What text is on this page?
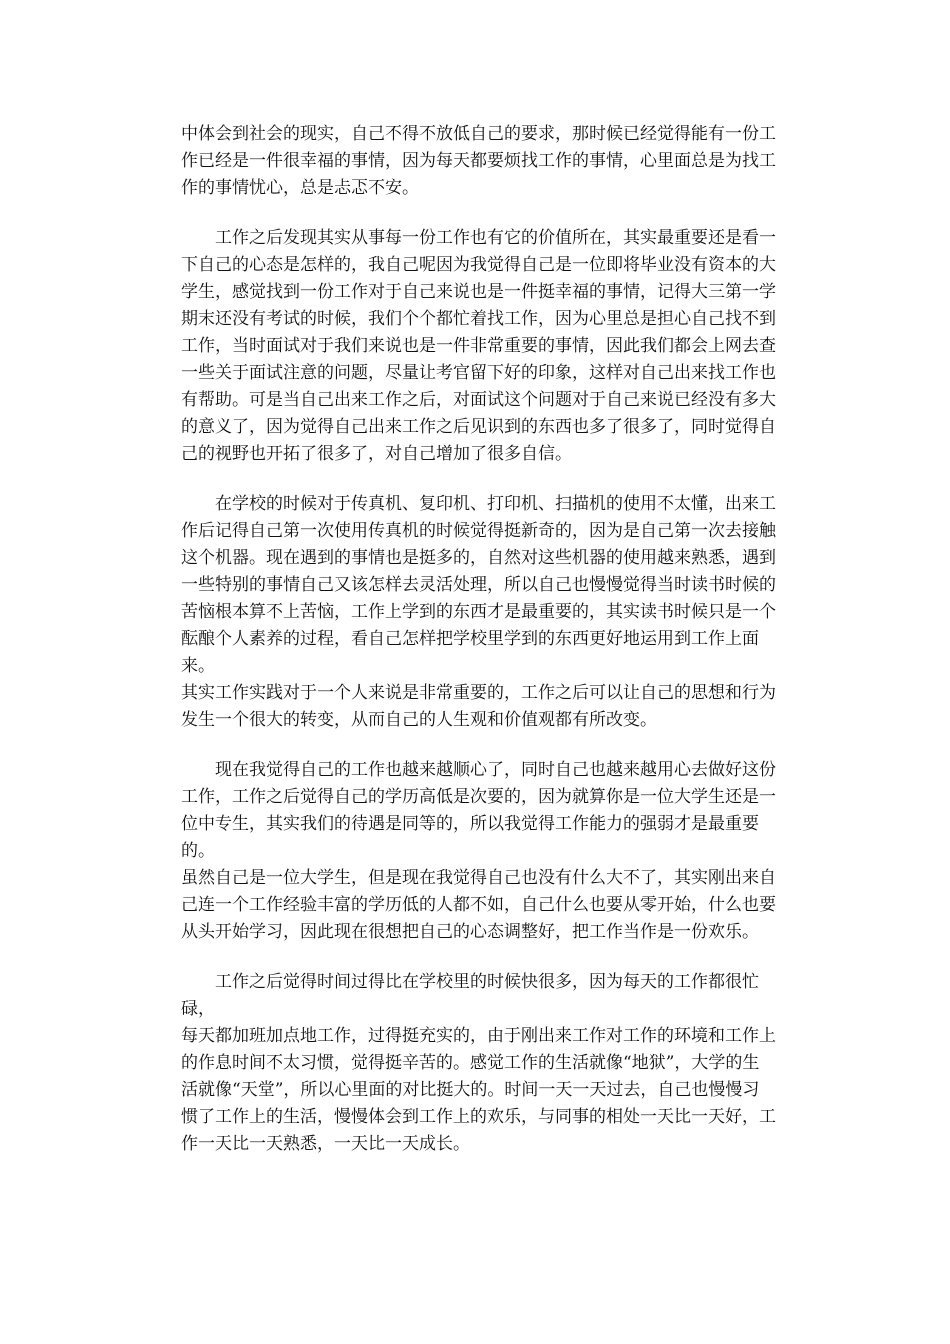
中体会到社会的现实，自己不得不放低自己的要求，那时候已经觉得能有一份工
作已经是一件很幸福的事情，因为每天都要烦找工作的事情，心里面总是为找工
作的事情忧心，总是忐忑不安。

　　工作之后发现其实从事每一份工作也有它的价值所在，其实最重要还是看一
下自己的心态是怎样的，我自己呢因为我觉得自己是一位即将毕业没有资本的大
学生，感觉找到一份工作对于自己来说也是一件挺幸福的事情，记得大三第一学
期末还没有考试的时候，我们个个都忙着找工作，因为心里总是担心自己找不到
工作，当时面试对于我们来说也是一件非常重要的事情，因此我们都会上网去查
一些关于面试注意的问题，尽量让考官留下好的印象，这样对自己出来找工作也
有帮助。可是当自己出来工作之后，对面试这个问题对于自己来说已经没有多大
的意义了，因为觉得自己出来工作之后见识到的东西也多了很多了，同时觉得自
己的视野也开拓了很多了，对自己增加了很多自信。

　　在学校的时候对于传真机、复印机、打印机、扫描机的使用不太懂，出来工
作后记得自己第一次使用传真机的时候觉得挺新奇的，因为是自己第一次去接触
这个机器。现在遇到的事情也是挺多的，自然对这些机器的使用越来熟悉，遇到
一些特别的事情自己又该怎样去灵活处理，所以自己也慢慢觉得当时读书时候的
苦恼根本算不上苦恼，工作上学到的东西才是最重要的，其实读书时候只是一个
酝酿个人素养的过程，看自己怎样把学校里学到的东西更好地运用到工作上面来。
其实工作实践对于一个人来说是非常重要的，工作之后可以让自己的思想和行为
发生一个很大的转变，从而自己的人生观和价值观都有所改变。

　　现在我觉得自己的工作也越来越顺心了，同时自己也越来越用心去做好这份
工作，工作之后觉得自己的学历高低是次要的，因为就算你是一位大学生还是一
位中专生，其实我们的待遇是同等的，所以我觉得工作能力的强弱才是最重要的。
虽然自己是一位大学生，但是现在我觉得自己也没有什么大不了，其实刚出来自
己连一个工作经验丰富的学历低的人都不如，自己什么也要从零开始，什么也要
从头开始学习，因此现在很想把自己的心态调整好，把工作当作是一份欢乐。

　　工作之后觉得时间过得比在学校里的时候快很多，因为每天的工作都很忙碌，
每天都加班加点地工作，过得挺充实的，由于刚出来工作对工作的环境和工作上
的作息时间不太习惯，觉得挺辛苦的。感觉工作的生活就像“地狱”，大学的生
活就像“天堂”，所以心里面的对比挺大的。时间一天一天过去，自己也慢慢习
惯了工作上的生活，慢慢体会到工作上的欢乐，与同事的相处一天比一天好，工
作一天比一天熟悉，一天比一天成长。
